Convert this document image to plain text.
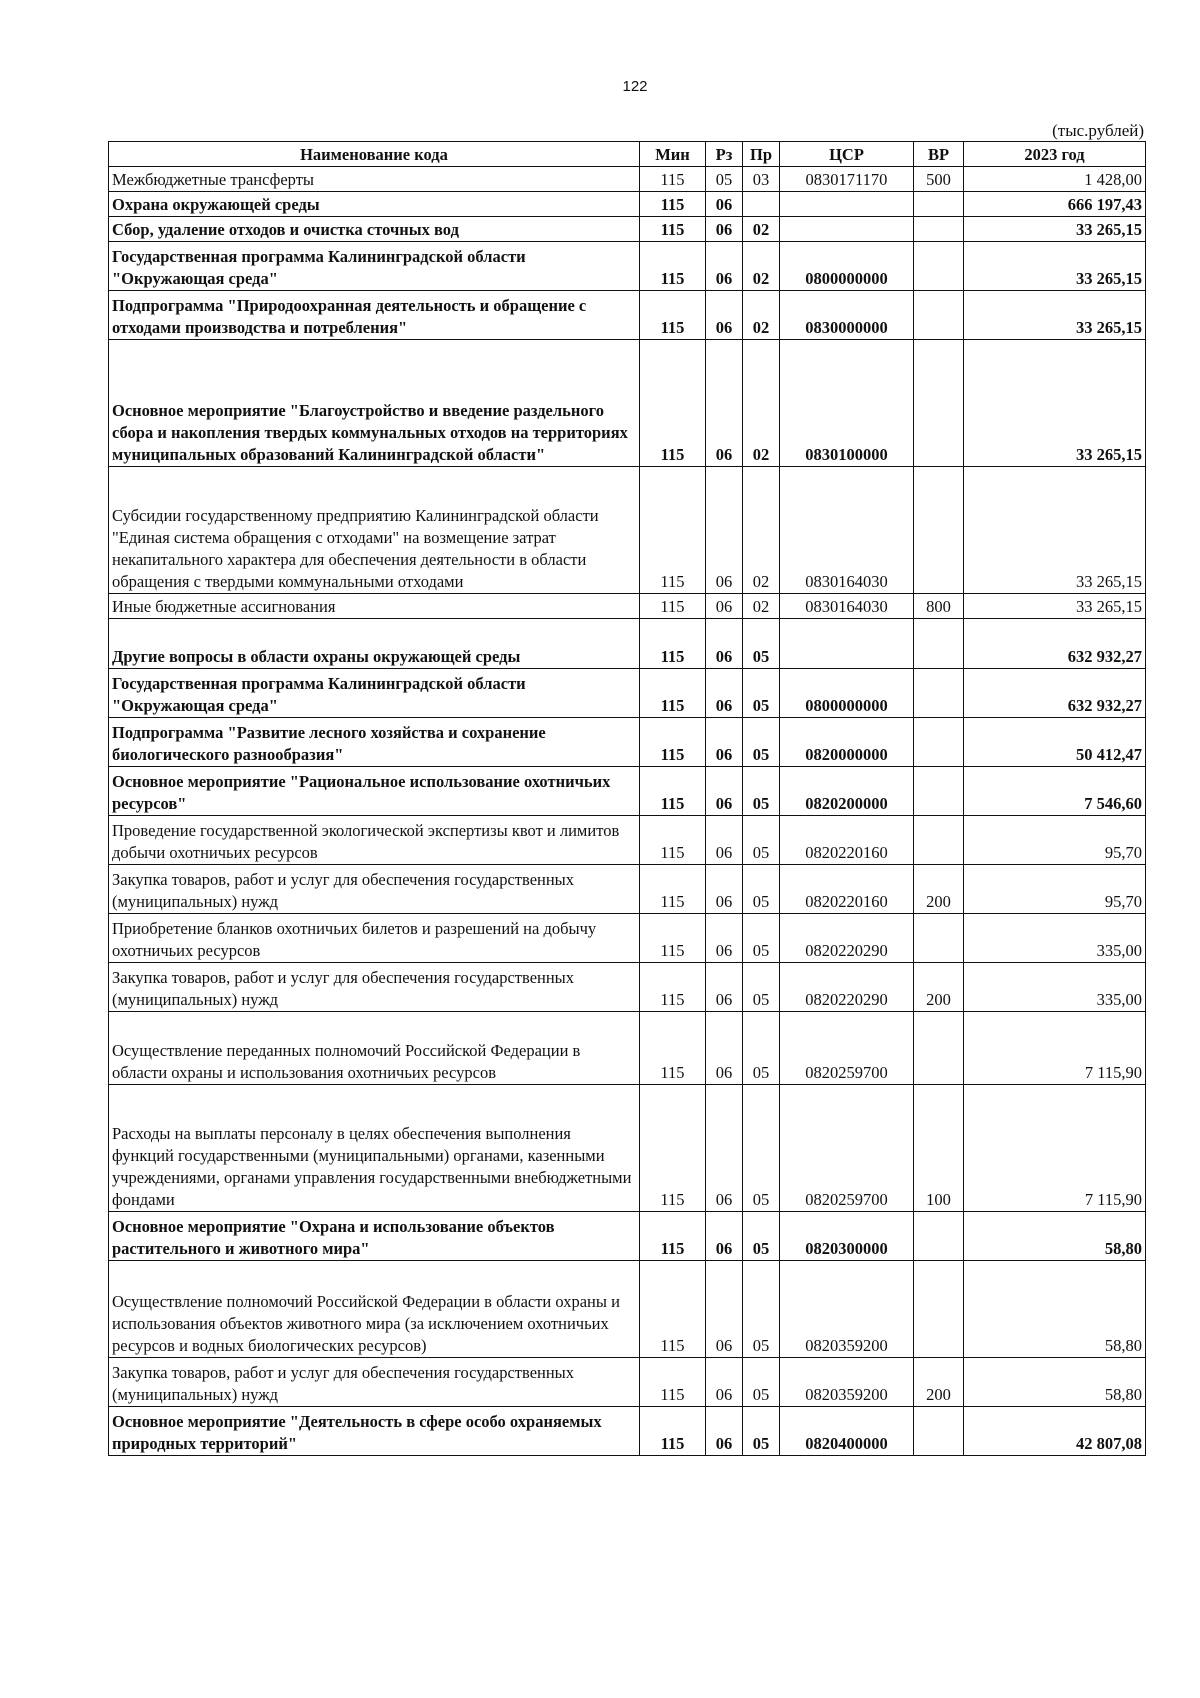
122
(тыс.рублей)
Наименование кода	Мин	Рз	Пр	ЦСР	ВР	2023 год
Межбюджетные трансферты	115	05	03	0830171170	500	1 428,00
Охрана окружающей среды	115	06				666 197,43
Сбор, удаление отходов и очистка сточных вод	115	06	02			33 265,15
Государственная программа Калининградской области "Окружающая среда"	115	06	02	0800000000		33 265,15
Подпрограмма "Природоохранная деятельность и обращение с отходами производства и потребления"	115	06	02	0830000000		33 265,15
Основное мероприятие "Благоустройство и введение раздельного сбора и накопления твердых коммунальных отходов на территориях муниципальных образований Калининградской области"	115	06	02	0830100000		33 265,15
Субсидии государственному предприятию Калининградской области "Единая система обращения с отходами" на возмещение затрат некапитального характера для обеспечения деятельности в области обращения с твердыми коммунальными отходами	115	06	02	0830164030		33 265,15
Иные бюджетные ассигнования	115	06	02	0830164030	800	33 265,15
Другие вопросы в области охраны окружающей среды	115	06	05			632 932,27
Государственная программа Калининградской области "Окружающая среда"	115	06	05	0800000000		632 932,27
Подпрограмма "Развитие лесного хозяйства и сохранение биологического разнообразия"	115	06	05	0820000000		50 412,47
Основное мероприятие "Рациональное использование охотничьих ресурсов"	115	06	05	0820200000		7 546,60
Проведение государственной экологической экспертизы квот и лимитов добычи охотничьих ресурсов	115	06	05	0820220160		95,70
Закупка товаров, работ и услуг для обеспечения государственных (муниципальных) нужд	115	06	05	0820220160	200	95,70
Приобретение бланков охотничьих билетов и разрешений на добычу охотничьих ресурсов	115	06	05	0820220290		335,00
Закупка товаров, работ и услуг для обеспечения государственных (муниципальных) нужд	115	06	05	0820220290	200	335,00
Осуществление переданных полномочий Российской Федерации в области охраны и использования охотничьих ресурсов	115	06	05	0820259700		7 115,90
Расходы на выплаты персоналу в целях обеспечения выполнения функций государственными (муниципальными) органами, казенными учреждениями, органами управления государственными внебюджетными фондами	115	06	05	0820259700	100	7 115,90
Основное мероприятие "Охрана и использование объектов растительного и животного мира"	115	06	05	0820300000		58,80
Осуществление полномочий Российской Федерации в области охраны и использования объектов животного мира (за исключением охотничьих ресурсов и водных биологических ресурсов)	115	06	05	0820359200		58,80
Закупка товаров, работ и услуг для обеспечения государственных (муниципальных) нужд	115	06	05	0820359200	200	58,80
Основное мероприятие "Деятельность в сфере особо охраняемых природных территорий"	115	06	05	0820400000		42 807,08
